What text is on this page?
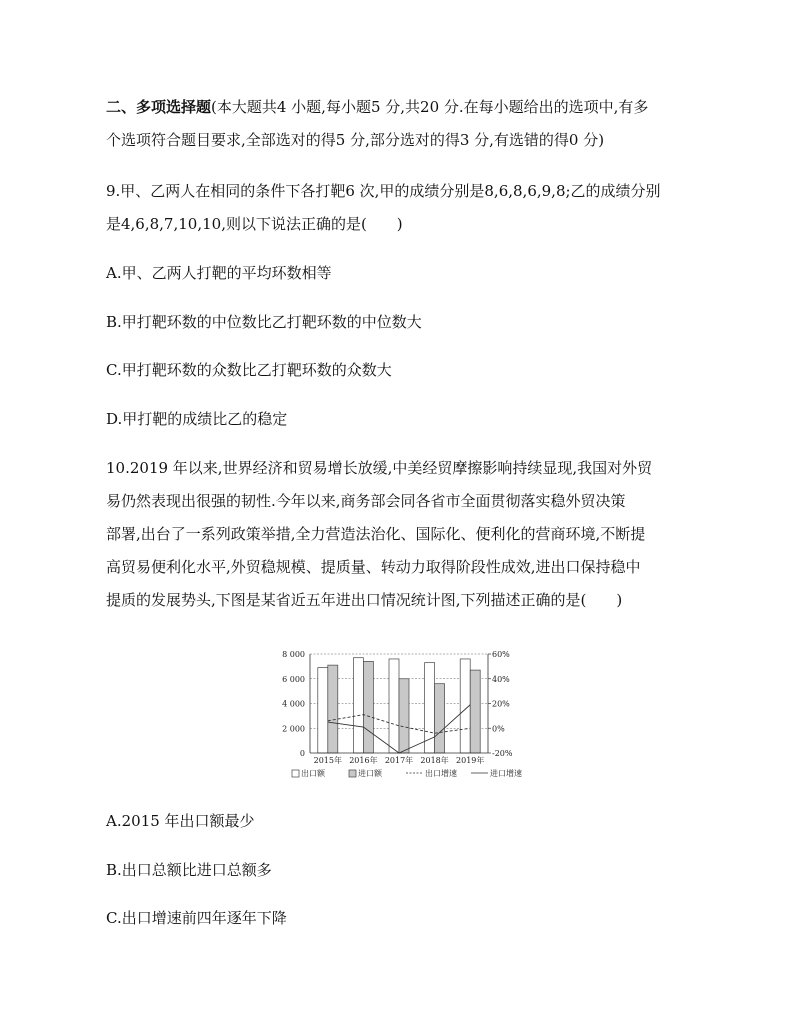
二、多项选择题(本大题共4 小题,每小题5 分,共20 分.在每小题给出的选项中,有多
个选项符合题目要求,全部选对的得5 分,部分选对的得3 分,有选错的得0 分)
9.甲、乙两人在相同的条件下各打靶6 次,甲的成绩分别是8,6,8,6,9,8;乙的成绩分别
是4,6,8,7,10,10,则以下说法正确的是(　　)
A.甲、乙两人打靶的平均环数相等
B.甲打靶环数的中位数比乙打靶环数的中位数大
C.甲打靶环数的众数比乙打靶环数的众数大
D.甲打靶的成绩比乙的稳定
10.2019 年以来,世界经济和贸易增长放缓,中美经贸摩擦影响持续显现,我国对外贸
易仍然表现出很强的韧性.今年以来,商务部会同各省市全面贯彻落实稳外贸决策
部署,出台了一系列政策举措,全力营造法治化、国际化、便利化的营商环境,不断提
高贸易便利化水平,外贸稳规模、提质量、转动力取得阶段性成效,进出口保持稳中
提质的发展势头,下图是某省近五年进出口情况统计图,下列描述正确的是(　　)
0
2 000
4 000
6 000
8 000
-20%
0%
20%
40%
60%
2015年 2016年 2017年 2018年 2019年
出口额	进口额	出口增速	进口增速
A.2015 年出口额最少
B.出口总额比进口总额多
C.出口增速前四年逐年下降
